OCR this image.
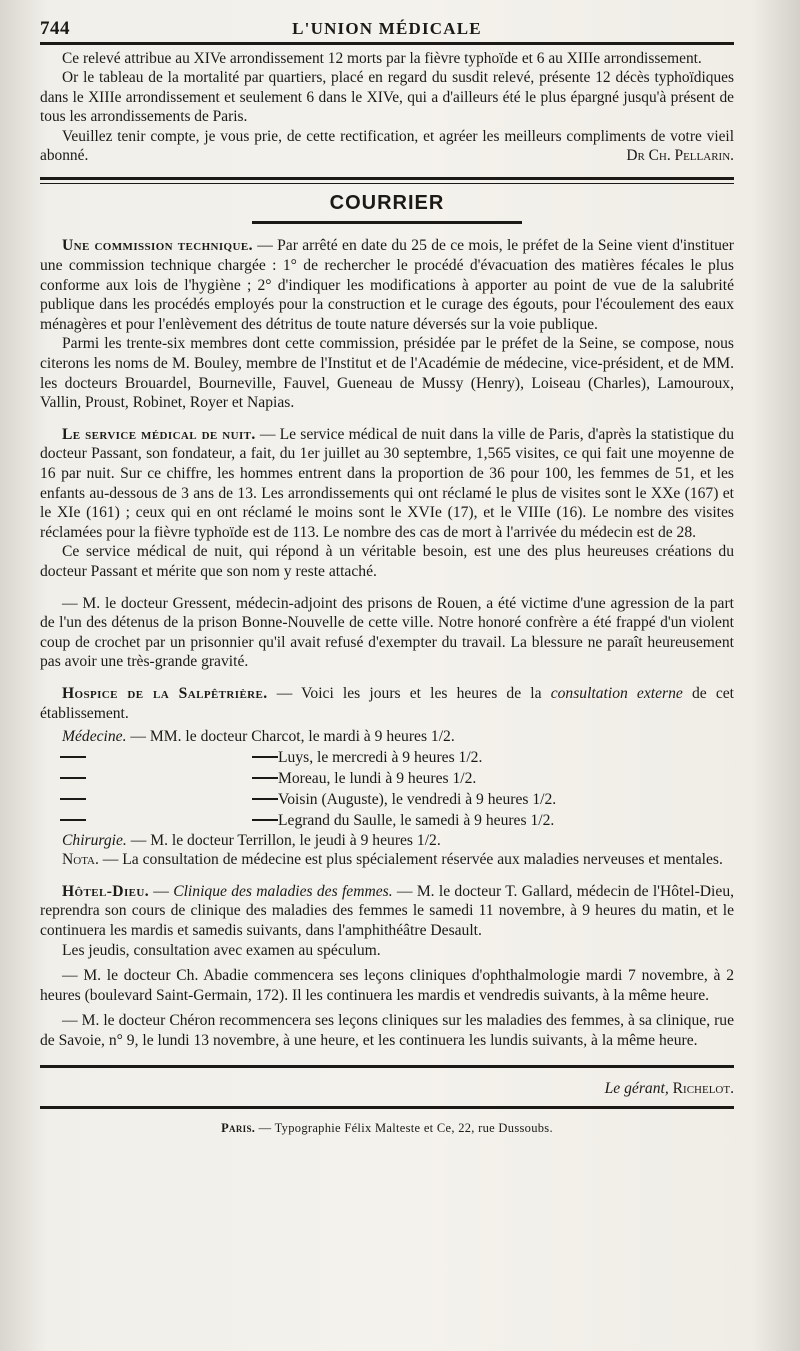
744	L'UNION MÉDICALE

Ce relevé attribue au XIVe arrondissement 12 morts par la fièvre typhoïde et 6 au XIIIe arrondissement.

Or le tableau de la mortalité par quartiers, placé en regard du susdit relevé, présente 12 décès typhoïdiques dans le XIIIe arrondissement et seulement 6 dans le XIVe, qui a d'ailleurs été le plus épargné jusqu'à présent de tous les arrondissements de Paris.

Veuillez tenir compte, je vous prie, de cette rectification, et agréer les meilleurs compliments de votre vieil abonné.	Dr Ch. Pellarin.

COURRIER

Une commission technique. — Par arrêté en date du 25 de ce mois, le préfet de la Seine vient d'instituer une commission technique chargée : 1° de rechercher le procédé d'évacuation des matières fécales le plus conforme aux lois de l'hygiène ; 2° d'indiquer les modifications à apporter au point de vue de la salubrité publique dans les procédés employés pour la construction et le curage des égouts, pour l'écoulement des eaux ménagères et pour l'enlèvement des détritus de toute nature déversés sur la voie publique.

Parmi les trente-six membres dont cette commission, présidée par le préfet de la Seine, se compose, nous citerons les noms de M. Bouley, membre de l'Institut et de l'Académie de médecine, vice-président, et de MM. les docteurs Brouardel, Bourneville, Fauvel, Gueneau de Mussy (Henry), Loiseau (Charles), Lamouroux, Vallin, Proust, Robinet, Royer et Napias.

Le service médical de nuit. — Le service médical de nuit dans la ville de Paris, d'après la statistique du docteur Passant, son fondateur, a fait, du 1er juillet au 30 septembre, 1,565 visites, ce qui fait une moyenne de 16 par nuit. Sur ce chiffre, les hommes entrent dans la proportion de 36 pour 100, les femmes de 51, et les enfants au-dessous de 3 ans de 13. Les arrondissements qui ont réclamé le plus de visites sont le XXe (167) et le XIe (161) ; ceux qui en ont réclamé le moins sont le XVIe (17), et le VIIIe (16). Le nombre des visites réclamées pour la fièvre typhoïde est de 113. Le nombre des cas de mort à l'arrivée du médecin est de 28.

Ce service médical de nuit, qui répond à un véritable besoin, est une des plus heureuses créations du docteur Passant et mérite que son nom y reste attaché.

— M. le docteur Gressent, médecin-adjoint des prisons de Rouen, a été victime d'une agression de la part de l'un des détenus de la prison Bonne-Nouvelle de cette ville. Notre honoré confrère a été frappé d'un violent coup de crochet par un prisonnier qu'il avait refusé d'exempter du travail. La blessure ne paraît heureusement pas avoir une très-grande gravité.

Hospice de la Salpêtrière. — Voici les jours et les heures de la consultation externe de cet établissement.

Médecine. — MM. le docteur Charcot, le mardi à 9 heures 1/2.

Luys, le mercredi à 9 heures 1/2.
Moreau, le lundi à 9 heures 1/2.
Voisin (Auguste), le vendredi à 9 heures 1/2.
Legrand du Saulle, le samedi à 9 heures 1/2.

Chirurgie. — M. le docteur Terrillon, le jeudi à 9 heures 1/2.

Nota. — La consultation de médecine est plus spécialement réservée aux maladies nerveuses et mentales.

Hôtel-Dieu. — Clinique des maladies des femmes. — M. le docteur T. Gallard, médecin de l'Hôtel-Dieu, reprendra son cours de clinique des maladies des femmes le samedi 11 novembre, à 9 heures du matin, et le continuera les mardis et samedis suivants, dans l'amphithéâtre Desault.

Les jeudis, consultation avec examen au spéculum.

— M. le docteur Ch. Abadie commencera ses leçons cliniques d'ophthalmologie mardi 7 novembre, à 2 heures (boulevard Saint-Germain, 172). Il les continuera les mardis et vendredis suivants, à la même heure.

— M. le docteur Chéron recommencera ses leçons cliniques sur les maladies des femmes, à sa clinique, rue de Savoie, n° 9, le lundi 13 novembre, à une heure, et les continuera les lundis suivants, à la même heure.

Le gérant, Richelot.
Paris. — Typographie Félix Malteste et Ce, 22, rue Dussoubs.
